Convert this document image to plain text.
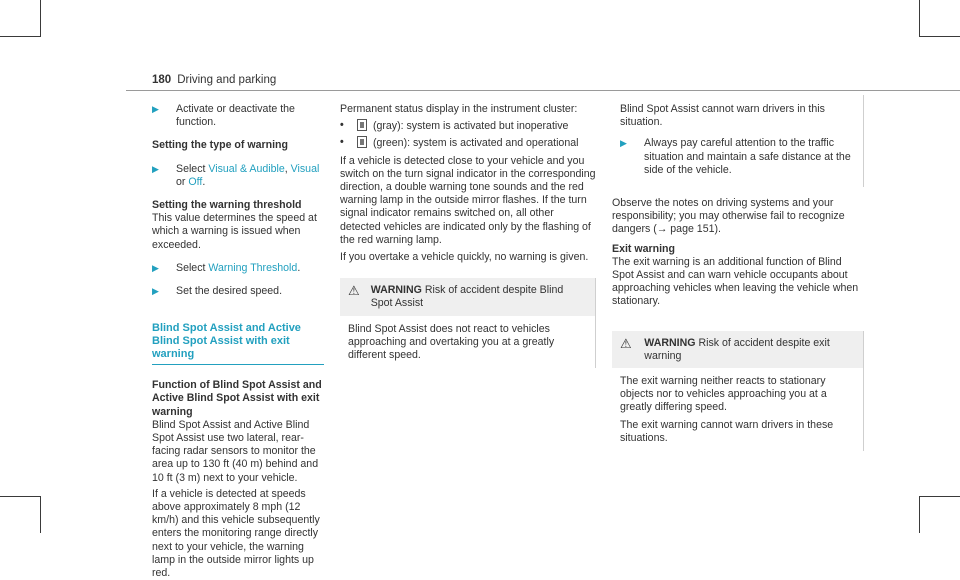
180 Driving and parking
▶	Activate or deactivate the function.

Setting the type of warning

▶	Select Visual & Audible, Visual or Off.

Setting the warning threshold

This value determines the speed at which a warning is issued when exceeded.

▶	Select Warning Threshold.
▶	Set the desired speed.
Blind Spot Assist and Active Blind Spot Assist with exit warning

Function of Blind Spot Assist and Active Blind Spot Assist with exit warning

Blind Spot Assist and Active Blind Spot Assist use two lateral, rear-facing radar sensors to monitor the area up to 130 ft (40 m) behind and 10 ft (3 m) next to your vehicle.

If a vehicle is detected at speeds above approximately 8 mph (12 km/h) and this vehicle subsequently enters the monitoring range directly next to your vehicle, the warning lamp in the outside mirror lights up red.

Permanent status display in the instrument cluster:

•	(gray): system is activated but inoperative
•	(green): system is activated and operational

If a vehicle is detected close to your vehicle and you switch on the turn signal indicator in the corresponding direction, a double warning tone sounds and the red warning lamp in the outside mirror flashes. If the turn signal indicator remains switched on, all other detected vehicles are indicated only by the flashing of the red warning lamp.

If you overtake a vehicle quickly, no warning is given.

⚠	WARNING Risk of accident despite Blind Spot Assist
Blind Spot Assist does not react to vehicles approaching and overtaking you at a greatly different speed.

Blind Spot Assist cannot warn drivers in this situation.

▶	Always pay careful attention to the traffic situation and maintain a safe distance at the side of the vehicle.

Observe the notes on driving systems and your responsibility; you may otherwise fail to recognize dangers (→ page 151).

Exit warning

The exit warning is an additional function of Blind Spot Assist and can warn vehicle occupants about approaching vehicles when leaving the vehicle when stationary.

⚠	WARNING Risk of accident despite exit warning

The exit warning neither reacts to stationary objects nor to vehicles approaching you at a greatly differing speed.

The exit warning cannot warn drivers in these situations.
